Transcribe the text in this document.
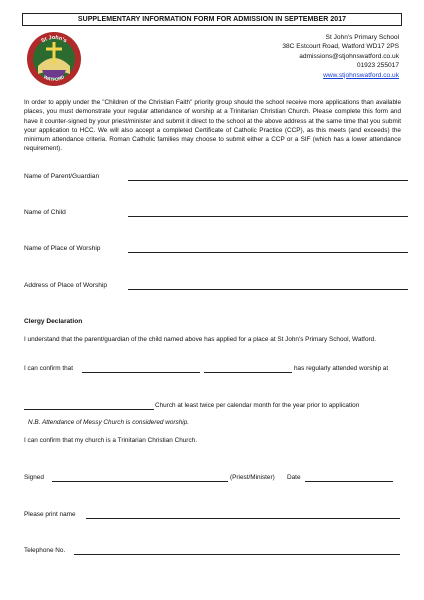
SUPPLEMENTARY INFORMATION FORM FOR ADMISSION IN SEPTEMBER 2017
St John's
WATFORD
St John's Primary School
38C Estcourt Road, Watford WD17 2PS
admissions@stjohnswatford.co.uk
01923 255017
www.stjohnswatford.co.uk
In order to apply under the "Children of the Christian Faith" priority group should the school receive more applications than available places, you must demonstrate your regular attendance of worship at a Trinitarian Christian Church. Please complete this form and have it counter-signed by your priest/minister and submit it direct to the school at the above address at the same time that you submit your application to HCC. We will also accept a completed Certificate of Catholic Practice (CCP), as this meets (and exceeds) the minimum attendance criteria. Roman Catholic families may choose to submit either a CCP or a SIF (which has a lower attendance requirement).
Name of Parent/Guardian
Name of Child
Name of Place of Worship
Address of Place of Worship
Clergy Declaration
I understand that the parent/guardian of the child named above has applied for a place at St John's Primary School, Watford.
I can confirm that	has regularly attended worship at
Church at least twice per calendar month for the year prior to application
N.B. Attendance of Messy Church is considered worship.
I can confirm that my church is a Trinitarian Christian Church.
Signed	(Priest/Minister) Date
Please print name
Telephone No.
